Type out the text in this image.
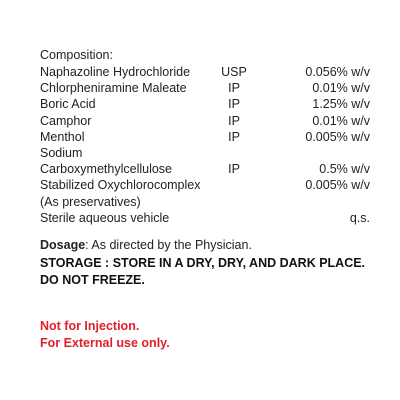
Composition:
Naphazoline Hydrochloride	USP	0.056% w/v
Chlorpheniramine Maleate	IP	0.01% w/v
Boric Acid	IP	1.25% w/v
Camphor	IP	0.01% w/v
Menthol	IP	0.005% w/v
Sodium
Carboxymethylcellulose	IP	0.5% w/v
Stabilized Oxychlorocomplex	0.005% w/v
(As preservatives)
Sterile aqueous vehicle	q.s.
Dosage: As directed by the Physician.
STORAGE : STORE IN A DRY, DRY, AND DARK PLACE.
DO NOT FREEZE.
Not for Injection.
For External use only.
